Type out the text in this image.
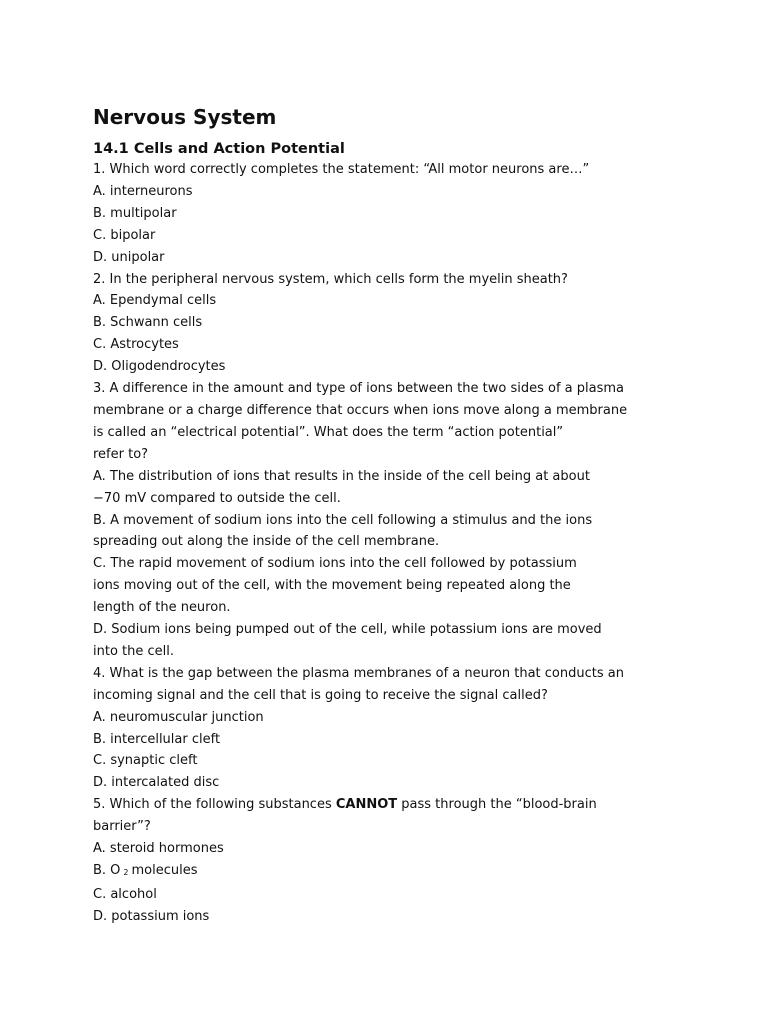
Nervous System
14.1 Cells and Action Potential
1. Which word correctly completes the statement: “All motor neurons are…”
A. interneurons
B. multipolar
C. bipolar
D. unipolar
2. In the peripheral nervous system, which cells form the myelin sheath?
A. Ependymal cells
B. Schwann cells
C. Astrocytes
D. Oligodendrocytes
3. A difference in the amount and type of ions between the two sides of a plasma
membrane or a charge difference that occurs when ions move along a membrane
is called an “electrical potential”. What does the term “action potential”
refer to?
A. The distribution of ions that results in the inside of the cell being at about
−70 mV compared to outside the cell.
B. A movement of sodium ions into the cell following a stimulus and the ions
spreading out along the inside of the cell membrane.
C. The rapid movement of sodium ions into the cell followed by potassium
ions moving out of the cell, with the movement being repeated along the
length of the neuron.
D. Sodium ions being pumped out of the cell, while potassium ions are moved
into the cell.
4. What is the gap between the plasma membranes of a neuron that conducts an
incoming signal and the cell that is going to receive the signal called?
A. neuromuscular junction
B. intercellular cleft
C. synaptic cleft
D. intercalated disc
5. Which of the following substances CANNOT pass through the “blood-brain
barrier”?
A. steroid hormones
B. O 2 molecules
C. alcohol
D. potassium ions
